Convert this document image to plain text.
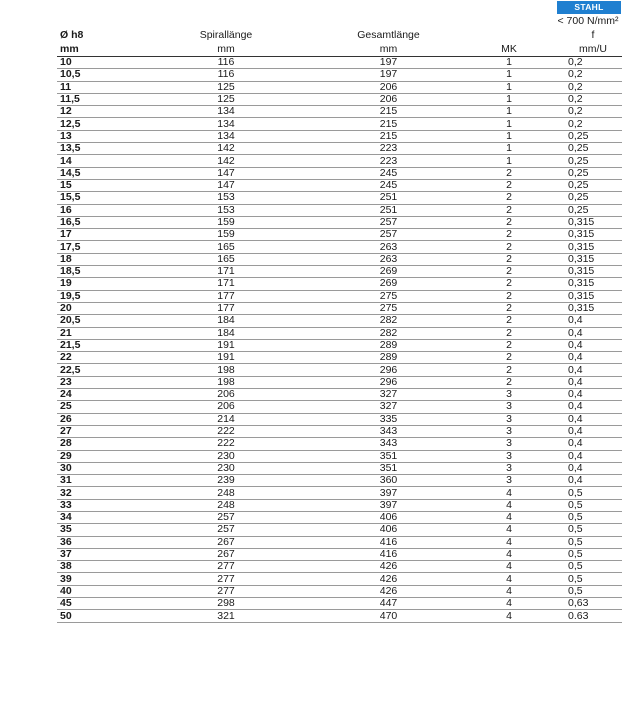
STAHL
< 700 N/mm²
Ø h8	Spirallänge	Gesamtlänge		f
mm	mm	mm	MK	mm/U
10	116	197	1	0,2
10,5	116	197	1	0,2
11	125	206	1	0,2
11,5	125	206	1	0,2
12	134	215	1	0,2
12,5	134	215	1	0,2
13	134	215	1	0,25
13,5	142	223	1	0,25
14	142	223	1	0,25
14,5	147	245	2	0,25
15	147	245	2	0,25
15,5	153	251	2	0,25
16	153	251	2	0,25
16,5	159	257	2	0,315
17	159	257	2	0,315
17,5	165	263	2	0,315
18	165	263	2	0,315
18,5	171	269	2	0,315
19	171	269	2	0,315
19,5	177	275	2	0,315
20	177	275	2	0,315
20,5	184	282	2	0,4
21	184	282	2	0,4
21,5	191	289	2	0,4
22	191	289	2	0,4
22,5	198	296	2	0,4
23	198	296	2	0,4
24	206	327	3	0,4
25	206	327	3	0,4
26	214	335	3	0,4
27	222	343	3	0,4
28	222	343	3	0,4
29	230	351	3	0,4
30	230	351	3	0,4
31	239	360	3	0,4
32	248	397	4	0,5
33	248	397	4	0,5
34	257	406	4	0,5
35	257	406	4	0,5
36	267	416	4	0,5
37	267	416	4	0,5
38	277	426	4	0,5
39	277	426	4	0,5
40	277	426	4	0,5
45	298	447	4	0,63
50	321	470	4	0.63
